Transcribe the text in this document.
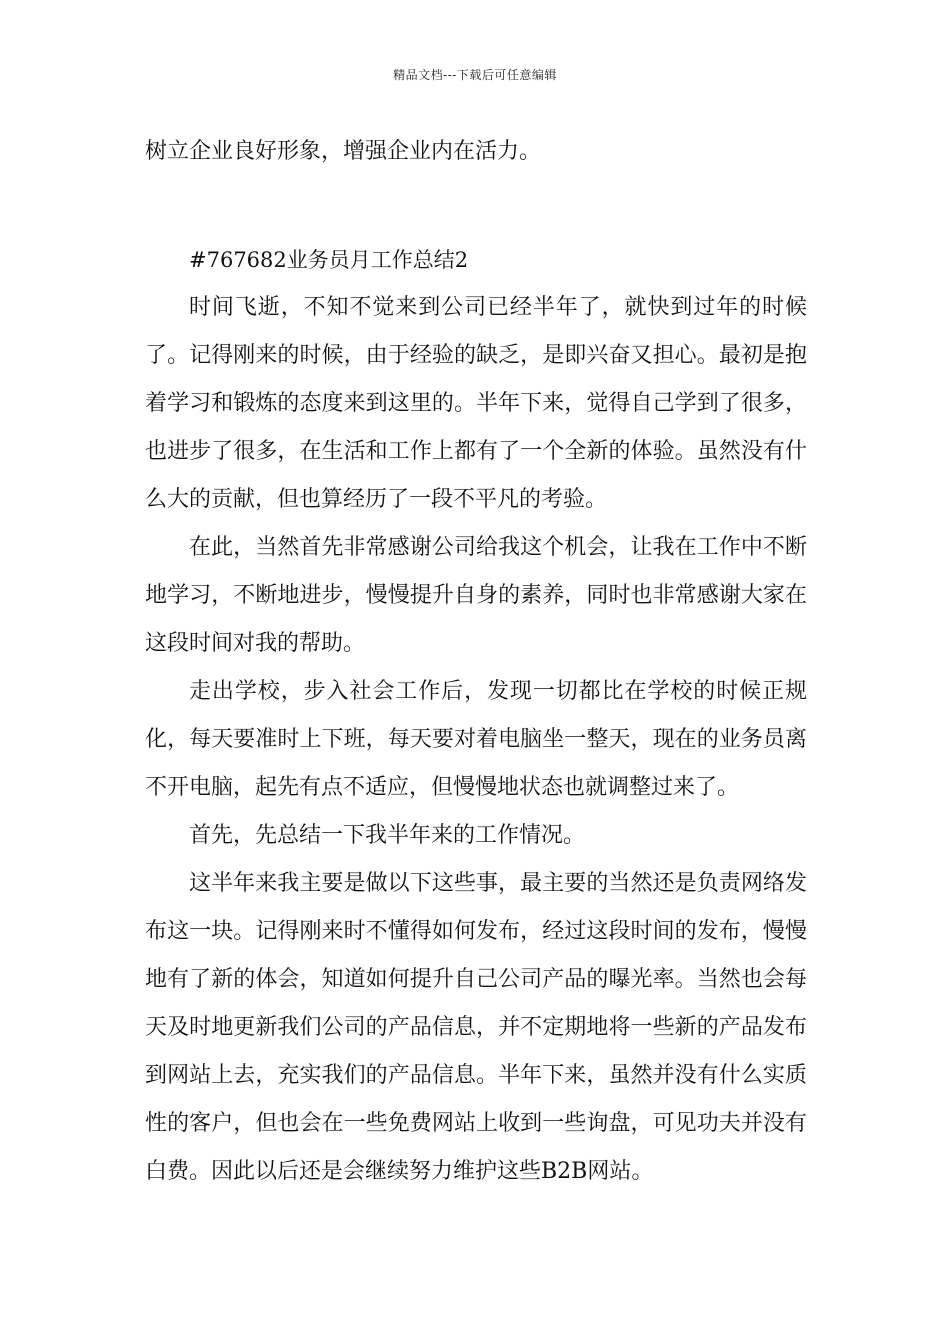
精品文档---下载后可任意编辑

树立企业良好形象，增强企业内在活力。

#767682业务员月工作总结2

时间飞逝，不知不觉来到公司已经半年了，就快到过年的时候了。记得刚来的时候，由于经验的缺乏，是即兴奋又担心。最初是抱着学习和锻炼的态度来到这里的。半年下来，觉得自己学到了很多，也进步了很多，在生活和工作上都有了一个全新的体验。虽然没有什么大的贡献，但也算经历了一段不平凡的考验。

在此，当然首先非常感谢公司给我这个机会，让我在工作中不断地学习，不断地进步，慢慢提升自身的素养，同时也非常感谢大家在这段时间对我的帮助。

走出学校，步入社会工作后，发现一切都比在学校的时候正规化，每天要准时上下班，每天要对着电脑坐一整天，现在的业务员离不开电脑，起先有点不适应，但慢慢地状态也就调整过来了。

首先，先总结一下我半年来的工作情况。

这半年来我主要是做以下这些事，最主要的当然还是负责网络发布这一块。记得刚来时不懂得如何发布，经过这段时间的发布，慢慢地有了新的体会，知道如何提升自己公司产品的曝光率。当然也会每天及时地更新我们公司的产品信息，并不定期地将一些新的产品发布到网站上去，充实我们的产品信息。半年下来，虽然并没有什么实质性的客户，但也会在一些免费网站上收到一些询盘，可见功夫并没有白费。因此以后还是会继续努力维护这些B2B网站。
